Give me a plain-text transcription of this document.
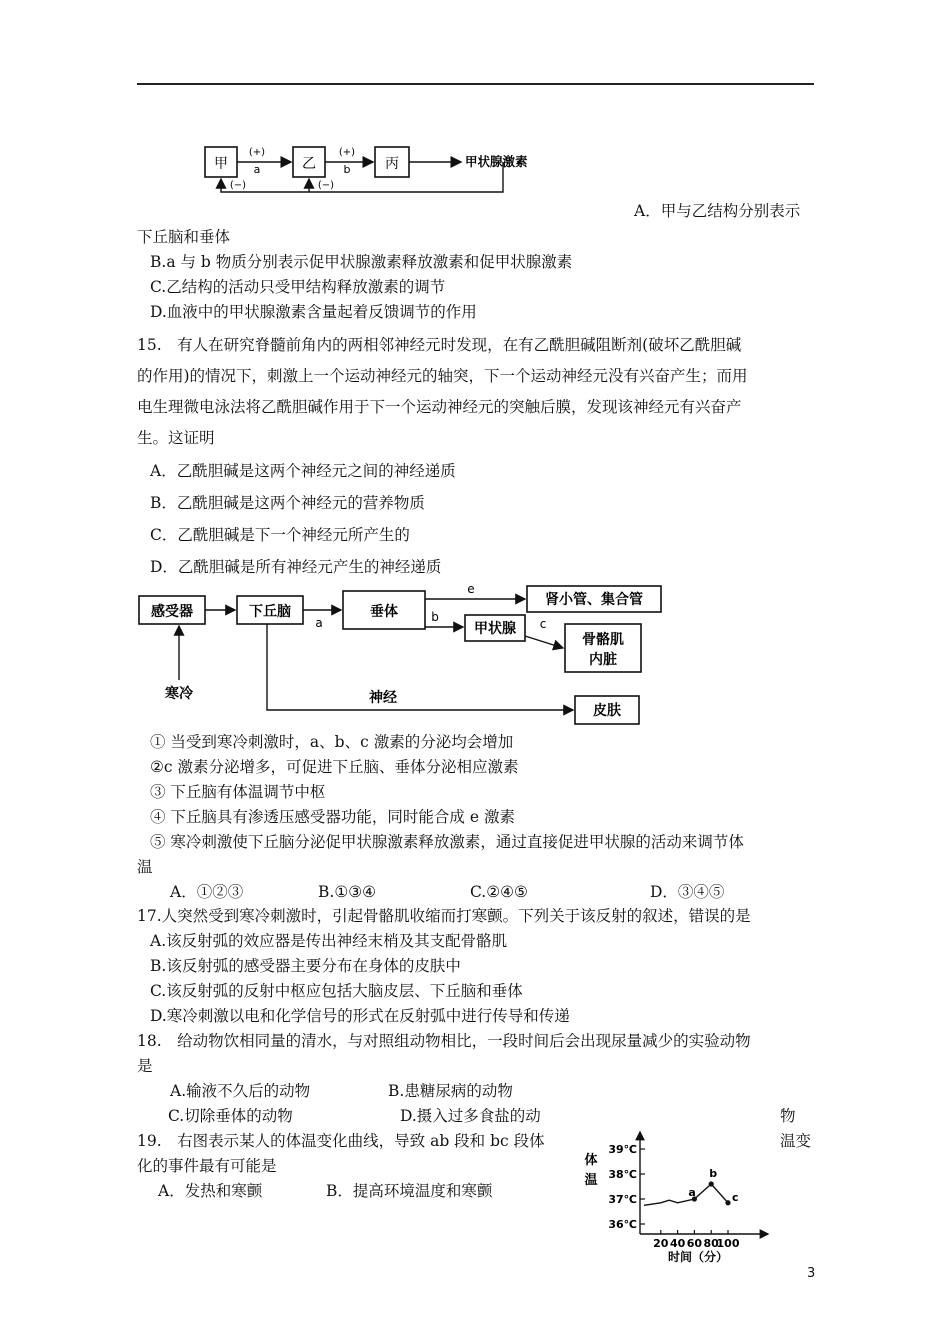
甲	乙	丙
(+)
a
(+)
b
甲状腺激素
(−)	(−)
A．甲与乙结构分别表示
下丘脑和垂体
B.a 与 b 物质分别表示促甲状腺激素释放激素和促甲状腺激素
C.乙结构的活动只受甲结构释放激素的调节
D.血液中的甲状腺激素含量起着反馈调节的作用
15.　有人在研究脊髓前角内的两相邻神经元时发现，在有乙酰胆碱阻断剂(破坏乙酰胆碱
的作用)的情况下，刺激上一个运动神经元的轴突，下一个运动神经元没有兴奋产生；而用
电生理微电泳法将乙酰胆碱作用于下一个运动神经元的突触后膜，发现该神经元有兴奋产
生。这证明
A．乙酰胆碱是这两个神经元之间的神经递质
B．乙酰胆碱是这两个神经元的营养物质
C．乙酰胆碱是下一个神经元所产生的
D．乙酰胆碱是所有神经元产生的神经递质
感受器	下丘脑	垂体
甲状腺
肾小管、集合管
骨骼肌
内脏
皮肤
寒冷
a
e
b	c
神经
① 当受到寒冷刺激时，a、b、c 激素的分泌均会增加
②c 激素分泌增多，可促进下丘脑、垂体分泌相应激素
③ 下丘脑有体温调节中枢
④ 下丘脑具有渗透压感受器功能，同时能合成 e 激素
⑤ 寒冷刺激使下丘脑分泌促甲状腺激素释放激素，通过直接促进甲状腺的活动来调节体
温
A．①②③	B.①③④	C.②④⑤	D．③④⑤
17.人突然受到寒冷刺激时，引起骨骼肌收缩而打寒颤。下列关于该反射的叙述，错误的是
A.该反射弧的效应器是传出神经末梢及其支配骨骼肌
B.该反射弧的感受器主要分布在身体的皮肤中
C.该反射弧的反射中枢应包括大脑皮层、下丘脑和垂体
D.寒冷刺激以电和化学信号的形式在反射弧中进行传导和传递
18.　给动物饮相同量的清水，与对照组动物相比，一段时间后会出现尿量减少的实验动物
是
A.输液不久后的动物	B.患糖尿病的动物
C.切除垂体的动物	D.摄入过多食盐的动	物
19.　右图表示某人的体温变化曲线，导致 ab 段和 bc 段体	温变
化的事件最有可能是
A．发热和寒颤	B．提高环境温度和寒颤
体
温
时间（分）
36℃
37℃
38℃
39℃
20 40 60 80
100
a
b
c
3
